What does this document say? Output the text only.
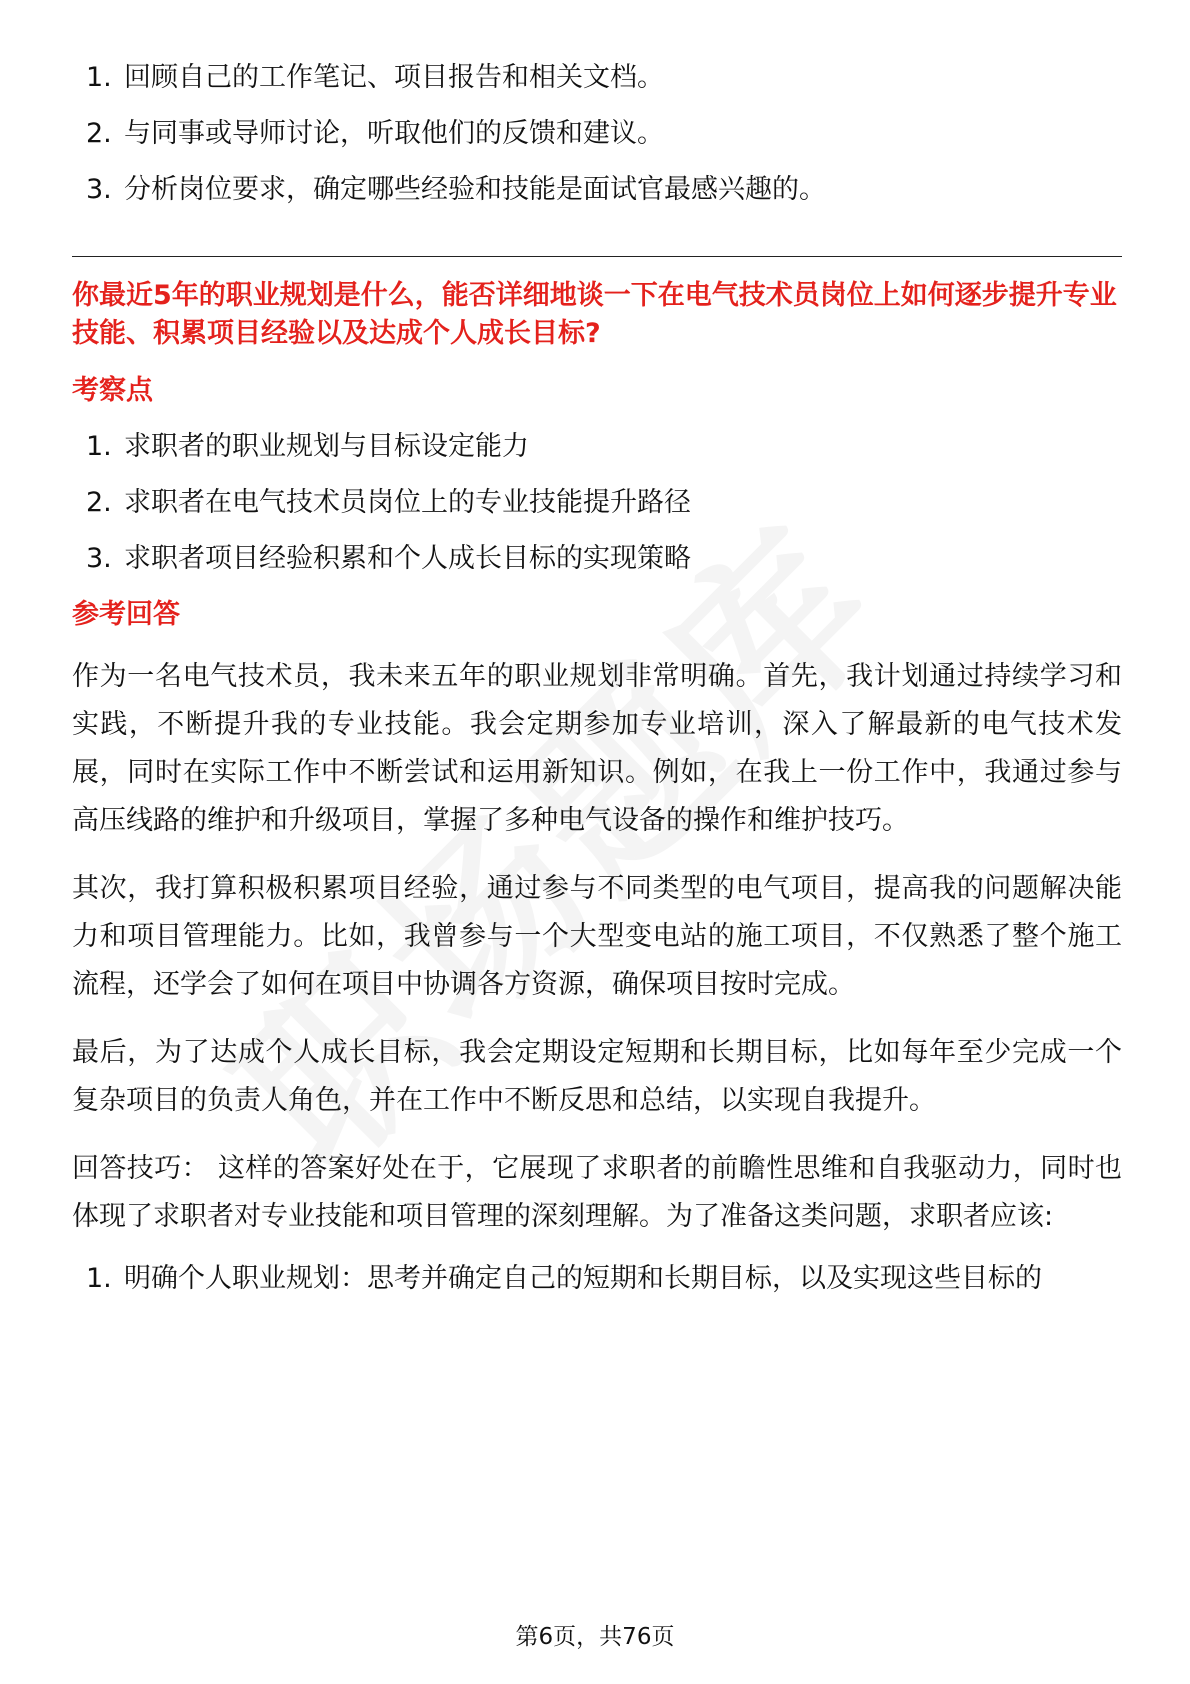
1. 回顾自己的工作笔记、项目报告和相关文档。
2. 与同事或导师讨论，听取他们的反馈和建议。
3. 分析岗位要求，确定哪些经验和技能是面试官最感兴趣的。
你最近5年的职业规划是什么，能否详细地谈一下在电气技术员岗位上如何逐步提升专业技能、积累项目经验以及达成个人成长目标?
考察点
1. 求职者的职业规划与目标设定能力
2. 求职者在电气技术员岗位上的专业技能提升路径
3. 求职者项目经验积累和个人成长目标的实现策略
参考回答

作为一名电气技术员，我未来五年的职业规划非常明确。首先，我计划通过持续学习和实践，不断提升我的专业技能。我会定期参加专业培训，深入了解最新的电气技术发展，同时在实际工作中不断尝试和运用新知识。例如，在我上一份工作中，我通过参与高压线路的维护和升级项目，掌握了多种电气设备的操作和维护技巧。

其次，我打算积极积累项目经验，通过参与不同类型的电气项目，提高我的问题解决能力和项目管理能力。比如，我曾参与一个大型变电站的施工项目，不仅熟悉了整个施工流程，还学会了如何在项目中协调各方资源，确保项目按时完成。

最后，为了达成个人成长目标，我会定期设定短期和长期目标，比如每年至少完成一个复杂项目的负责人角色，并在工作中不断反思和总结，以实现自我提升。

回答技巧： 这样的答案好处在于，它展现了求职者的前瞻性思维和自我驱动力，同时也体现了求职者对专业技能和项目管理的深刻理解。为了准备这类问题，求职者应该:

1. 明确个人职业规划：思考并确定自己的短期和长期目标，以及实现这些目标的
第6页，共76页
